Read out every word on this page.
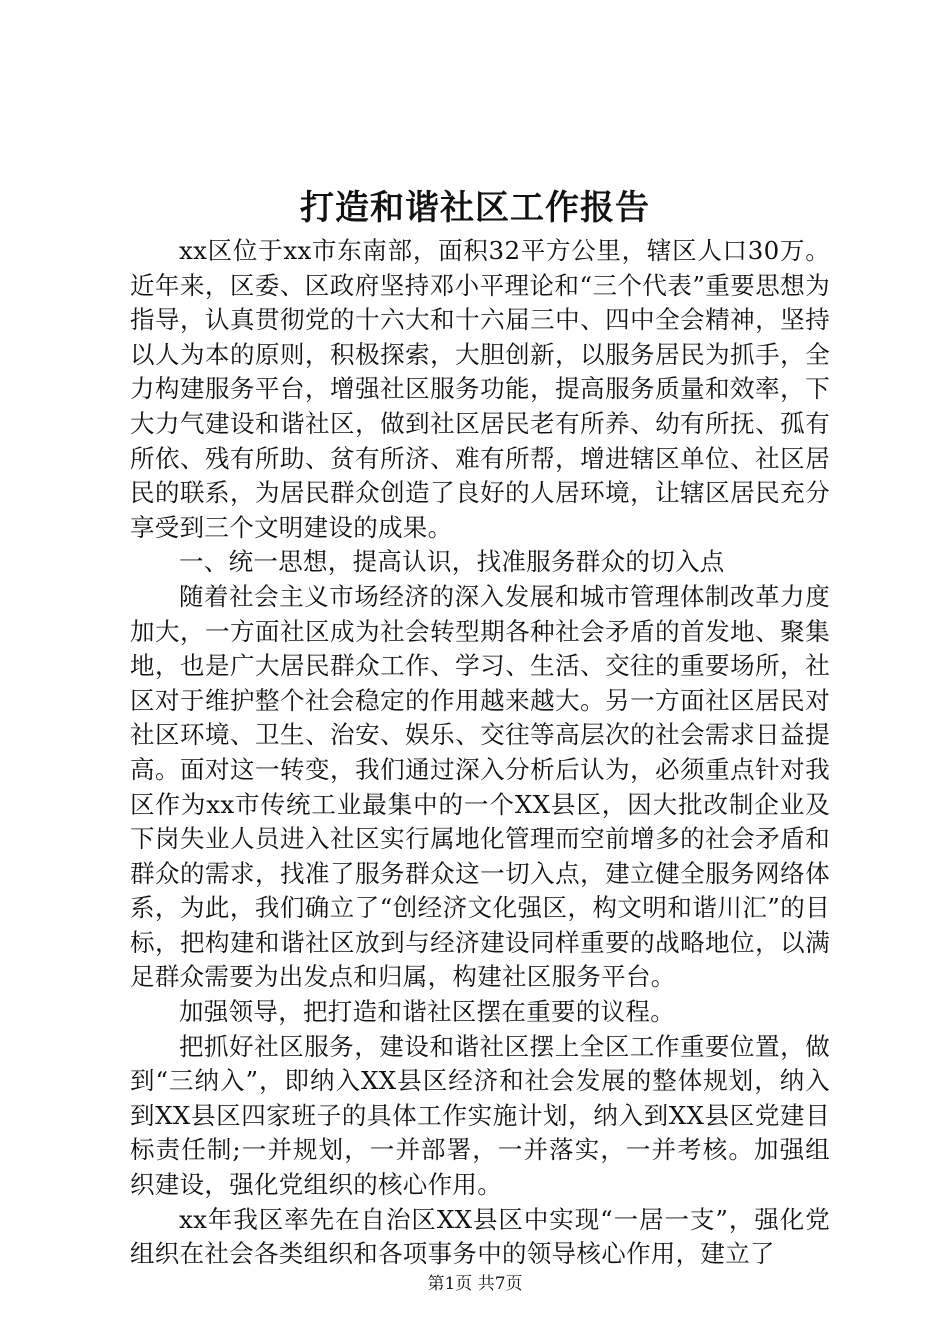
打造和谐社区工作报告

xx区位于xx市东南部，面积32平方公里，辖区人口30万。近年来，区委、区政府坚持邓小平理论和“三个代表”重要思想为指导，认真贯彻党的十六大和十六届三中、四中全会精神，坚持以人为本的原则，积极探索，大胆创新，以服务居民为抓手，全力构建服务平台，增强社区服务功能，提高服务质量和效率，下大力气建设和谐社区，做到社区居民老有所养、幼有所抚、孤有所依、残有所助、贫有所济、难有所帮，增进辖区单位、社区居民的联系，为居民群众创造了良好的人居环境，让辖区居民充分享受到三个文明建设的成果。

一、统一思想，提高认识，找准服务群众的切入点

随着社会主义市场经济的深入发展和城市管理体制改革力度加大，一方面社区成为社会转型期各种社会矛盾的首发地、聚集地，也是广大居民群众工作、学习、生活、交往的重要场所，社区对于维护整个社会稳定的作用越来越大。另一方面社区居民对社区环境、卫生、治安、娱乐、交往等高层次的社会需求日益提高。面对这一转变，我们通过深入分析后认为，必须重点针对我区作为xx市传统工业最集中的一个XX县区，因大批改制企业及下岗失业人员进入社区实行属地化管理而空前增多的社会矛盾和群众的需求，找准了服务群众这一切入点，建立健全服务网络体系，为此，我们确立了“创经济文化强区，构文明和谐川汇”的目标，把构建和谐社区放到与经济建设同样重要的战略地位，以满足群众需要为出发点和归属，构建社区服务平台。

加强领导，把打造和谐社区摆在重要的议程。

把抓好社区服务，建设和谐社区摆上全区工作重要位置，做到“三纳入”，即纳入XX县区经济和社会发展的整体规划，纳入到XX县区四家班子的具体工作实施计划，纳入到XX县区党建目标责任制;一并规划，一并部署，一并落实，一并考核。加强组织建设，强化党组织的核心作用。

xx年我区率先在自治区XX县区中实现“一居一支”，强化党组织在社会各类组织和各项事务中的领导核心作用，建立了

第1页 共7页
